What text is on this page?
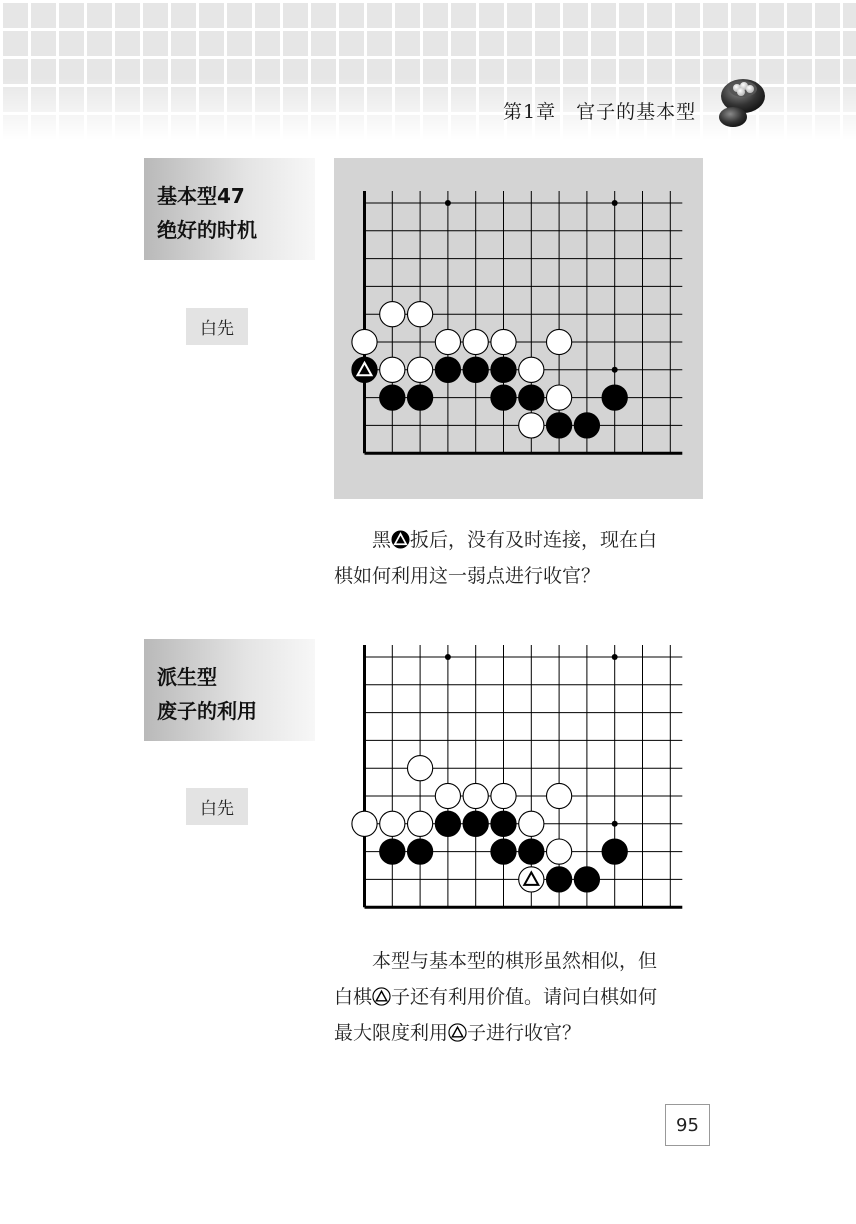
第1章　官子的基本型
基本型47
绝好的时机
白先

黑 扳后，没有及时连接，现在白

棋如何利用这一弱点进行收官？

派生型
废子的利用
白先

本型与基本型的棋形虽然相似，但

白棋 子还有利用价值。请问白棋如何

最大限度利用 子进行收官？

95
